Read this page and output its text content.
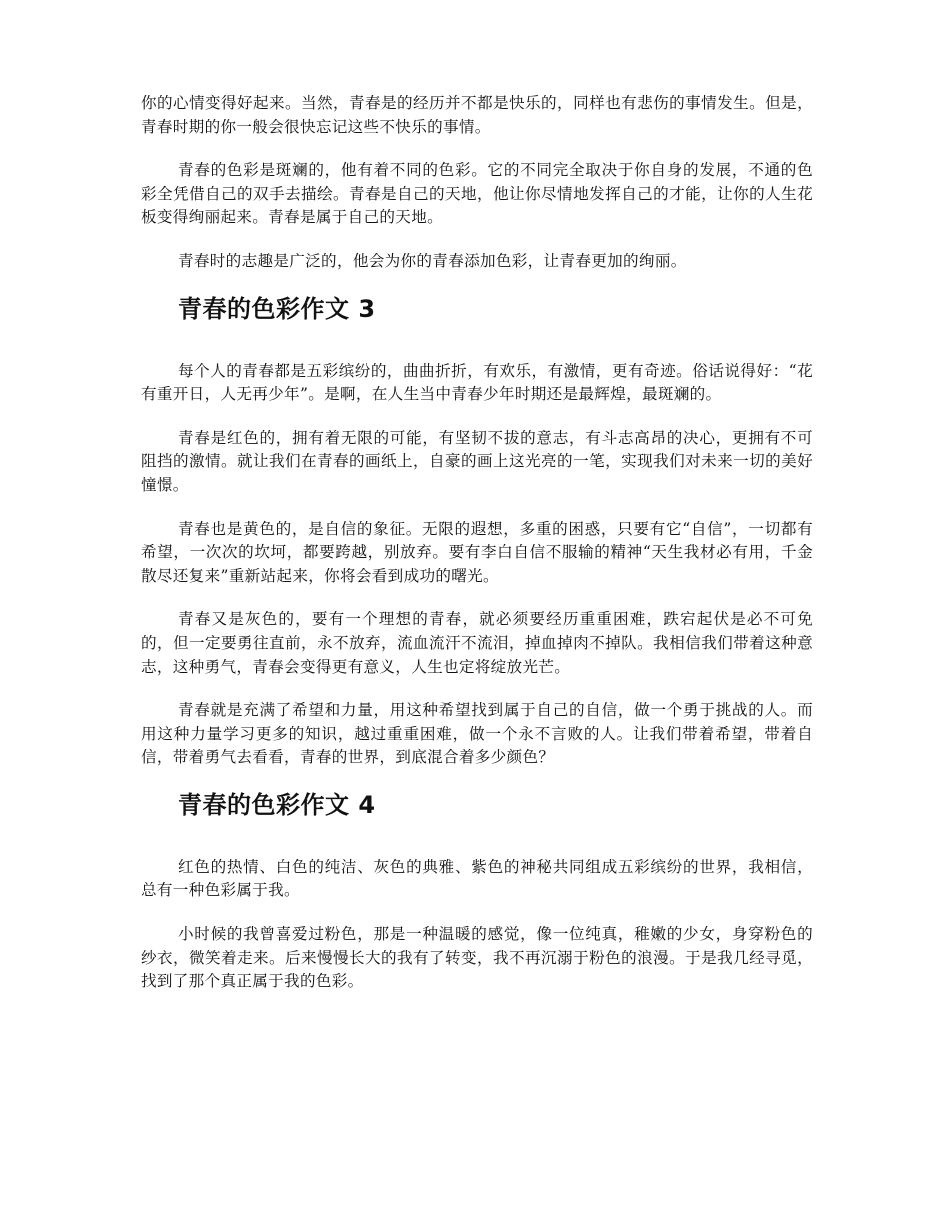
你的心情变得好起来。当然，青春是的经历并不都是快乐的，同样也有悲伤的事情发生。但是，青春时期的你一般会很快忘记这些不快乐的事情。

青春的色彩是斑斓的，他有着不同的色彩。它的不同完全取决于你自身的发展，不通的色彩全凭借自己的双手去描绘。青春是自己的天地，他让你尽情地发挥自己的才能，让你的人生花板变得绚丽起来。青春是属于自己的天地。

青春时的志趣是广泛的，他会为你的青春添加色彩，让青春更加的绚丽。

青春的色彩作文 3

每个人的青春都是五彩缤纷的，曲曲折折，有欢乐，有激情，更有奇迹。俗话说得好：“花有重开日，人无再少年”。是啊，在人生当中青春少年时期还是最辉煌，最斑斓的。

青春是红色的，拥有着无限的可能，有坚韧不拔的意志，有斗志高昂的决心，更拥有不可阻挡的激情。就让我们在青春的画纸上，自豪的画上这光亮的一笔，实现我们对未来一切的美好憧憬。

青春也是黄色的，是自信的象征。无限的遐想，多重的困惑，只要有它“自信”，一切都有希望，一次次的坎坷，都要跨越，别放弃。要有李白自信不服输的精神“天生我材必有用，千金散尽还复来”重新站起来，你将会看到成功的曙光。

青春又是灰色的，要有一个理想的青春，就必须要经历重重困难，跌宕起伏是必不可免的，但一定要勇往直前，永不放弃，流血流汗不流泪，掉血掉肉不掉队。我相信我们带着这种意志，这种勇气，青春会变得更有意义，人生也定将绽放光芒。

青春就是充满了希望和力量，用这种希望找到属于自己的自信，做一个勇于挑战的人。而用这种力量学习更多的知识，越过重重困难，做一个永不言败的人。让我们带着希望，带着自信，带着勇气去看看，青春的世界，到底混合着多少颜色？

青春的色彩作文 4

红色的热情、白色的纯洁、灰色的典雅、紫色的神秘共同组成五彩缤纷的世界，我相信，总有一种色彩属于我。

小时候的我曾喜爱过粉色，那是一种温暖的感觉，像一位纯真，稚嫩的少女，身穿粉色的纱衣，微笑着走来。后来慢慢长大的我有了转变，我不再沉溺于粉色的浪漫。于是我几经寻觅，找到了那个真正属于我的色彩。
